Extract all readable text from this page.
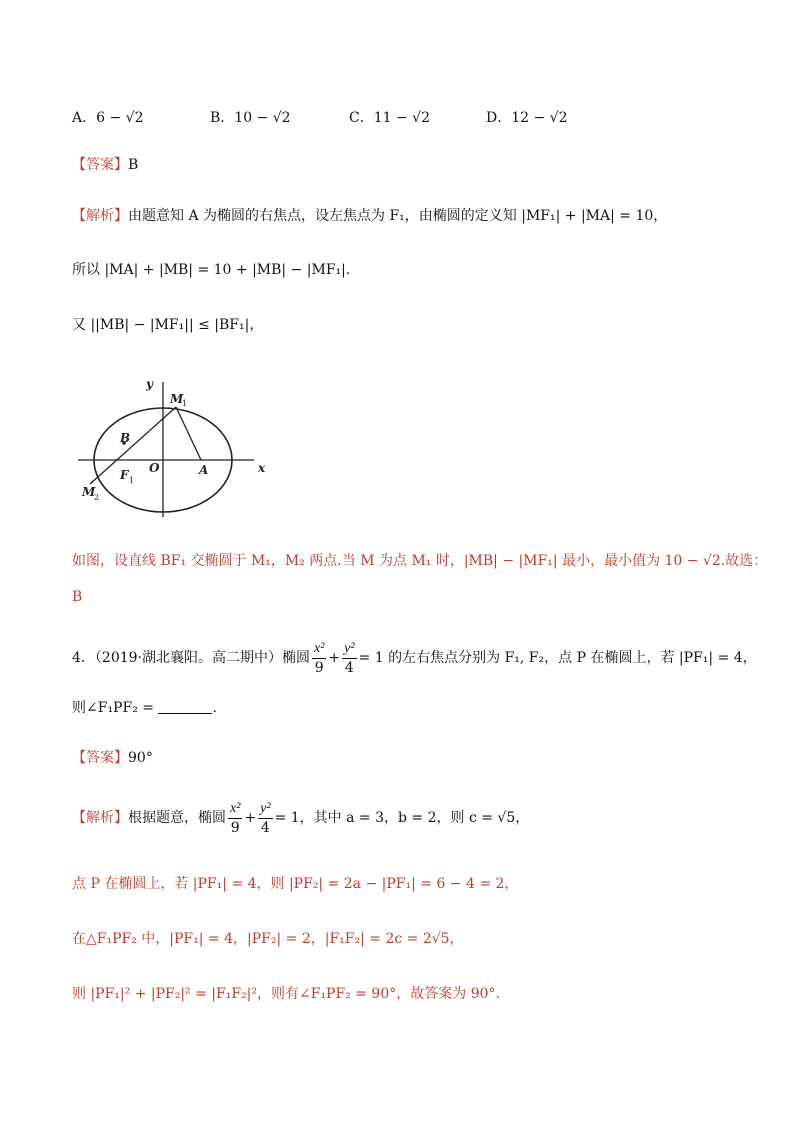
A．6 − √2	B．10 − √2	C．11 − √2	D．12 − √2
【答案】B
【解析】由题意知 A 为椭圆的右焦点，设左焦点为 F₁，由椭圆的定义知 |MF₁| + |MA| = 10，
所以 |MA| + |MB| = 10 + |MB| − |MF₁|.
又 ||MB| − |MF₁|| ≤ |BF₁|，
y
x
O	A
B
F 1
M
1
M
2
如图，设直线 BF₁ 交椭圆于 M₁，M₂ 两点.当 M 为点 M₁ 时，|MB| − |MF₁| 最小，最小值为 10 − √2.故选：
B
4．（2019·湖北襄阳。高二期中）椭圆 $\frac{\text{x²}}{9} + \frac{\text{y²}}{4} = 1$ 的左右焦点分别为 F₁, F₂，点 P 在椭圆上，若 |PF₁| = 4，
则∠F₁PF₂ =	.
【答案】90°
【解析】根据题意，椭圆 $\frac{\text{x²}}{9} + \frac{\text{y²}}{4} = 1$，其中 a = 3，b = 2，则 c = √5，
点 P 在椭圆上，若 |PF₁| = 4，则 |PF₂| = 2a − |PF₁| = 6 − 4 = 2，
在△F₁PF₂ 中，|PF₁| = 4，|PF₂| = 2，|F₁F₂| = 2c = 2√5，
则 |PF₁|² + |PF₂|² = |F₁F₂|²，则有∠F₁PF₂ = 90°，故答案为 90°.
